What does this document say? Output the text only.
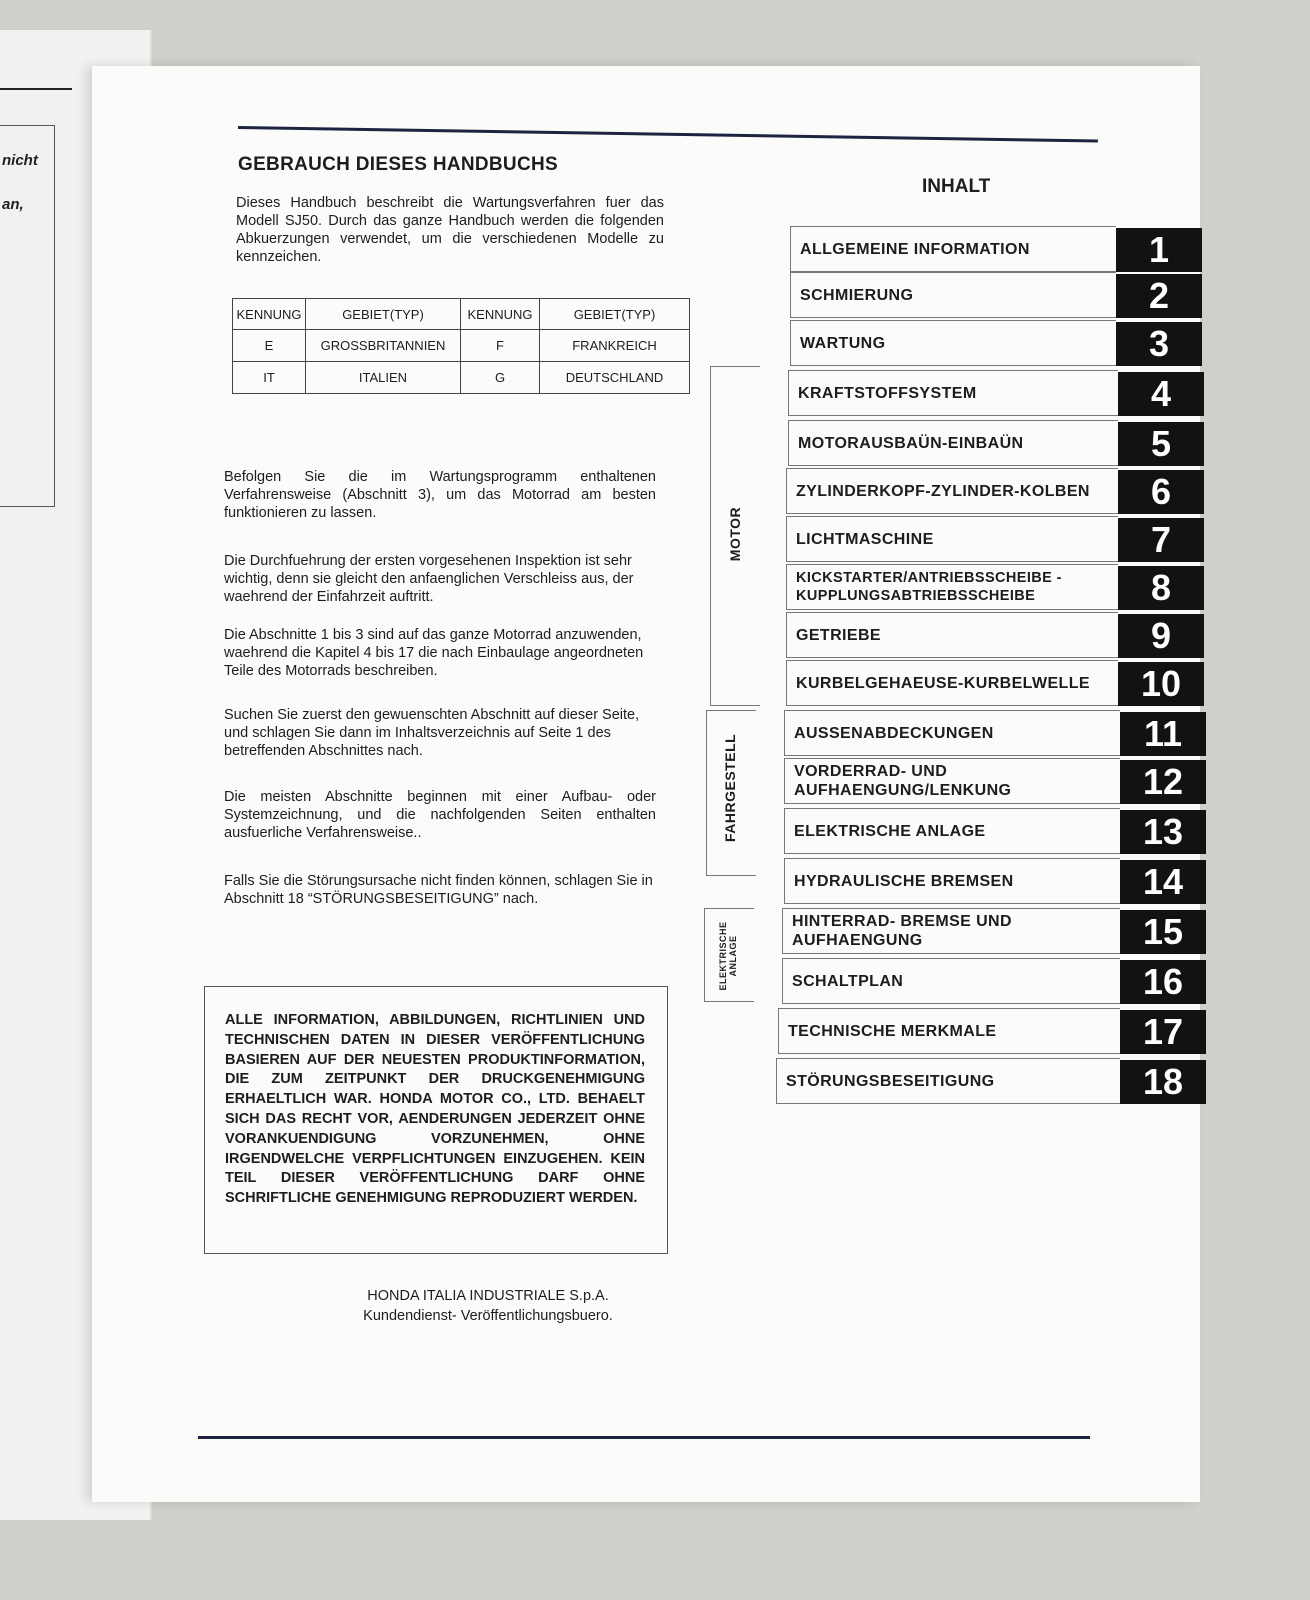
nicht
an,
GEBRAUCH DIESES HANDBUCHS
Dieses Handbuch beschreibt die Wartungsverfahren fuer das Modell SJ50. Durch das ganze Handbuch werden die folgenden Abkuerzungen verwendet, um die verschiedenen Modelle zu kennzeichen.
KENNUNG	GEBIET(TYP)	KENNUNG	GEBIET(TYP)
E	GROSSBRITANNIEN	F	FRANKREICH
IT	ITALIEN	G	DEUTSCHLAND
Befolgen Sie die im Wartungsprogramm enthaltenen Verfahrensweise (Abschnitt 3), um das Motorrad am besten funktionieren zu lassen.
Die Durchfuehrung der ersten vorgesehenen Inspektion ist sehr wichtig, denn sie gleicht den anfaenglichen Verschleiss aus, der waehrend der Einfahrzeit auftritt.
Die Abschnitte 1 bis 3 sind auf das ganze Motorrad anzuwenden, waehrend die Kapitel 4 bis 17 die nach Einbaulage angeordneten Teile des Motorrads beschreiben.
Suchen Sie zuerst den gewuenschten Abschnitt auf dieser Seite, und schlagen Sie dann im Inhaltsverzeichnis auf Seite 1 des betreffenden Abschnittes nach.
Die meisten Abschnitte beginnen mit einer Aufbau- oder Systemzeichnung, und die nachfolgenden Seiten enthalten ausfuerliche Verfahrensweise..
Falls Sie die Störungsursache nicht finden können, schlagen Sie in Abschnitt 18 “STÖRUNGSBESEITIGUNG” nach.
ALLE INFORMATION, ABBILDUNGEN, RICHTLINIEN UND TECHNISCHEN DATEN IN DIESER VERÖFFENTLICHUNG BASIEREN AUF DER NEUESTEN PRODUKTINFORMATION, DIE ZUM ZEITPUNKT DER DRUCKGENEHMIGUNG ERHAELTLICH WAR. HONDA MOTOR CO., LTD. BEHAELT SICH DAS RECHT VOR, AENDERUNGEN JEDERZEIT OHNE VORANKUENDIGUNG VORZUNEHMEN, OHNE IRGENDWELCHE VERPFLICHTUNGEN EINZUGEHEN. KEIN TEIL DIESER VERÖFFENTLICHUNG DARF OHNE SCHRIFTLICHE GENEHMIGUNG REPRODUZIERT WERDEN.
HONDA ITALIA INDUSTRIALE S.p.A.
Kundendienst- Veröffentlichungsbuero.
INHALT
MOTOR
FAHRGESTELL
ELEKTRISCHE ANLAGE
ALLGEMEINE INFORMATION	1
SCHMIERUNG	2
WARTUNG	3
KRAFTSTOFFSYSTEM	4
MOTORAUSBAÜN-EINBAÜN	5
ZYLINDERKOPF-ZYLINDER-KOLBEN	6
LICHTMASCHINE	7
KICKSTARTER/ANTRIEBSSCHEIBE -KUPPLUNGSABTRIEBSSCHEIBE	8
GETRIEBE	9
KURBELGEHAEUSE-KURBELWELLE	10
AUSSENABDECKUNGEN	11
VORDERRAD- UND AUFHAENGUNG/LENKUNG	12
ELEKTRISCHE ANLAGE	13
HYDRAULISCHE BREMSEN	14
HINTERRAD- BREMSE UND AUFHAENGUNG	15
SCHALTPLAN	16
TECHNISCHE MERKMALE	17
STÖRUNGSBESEITIGUNG	18
